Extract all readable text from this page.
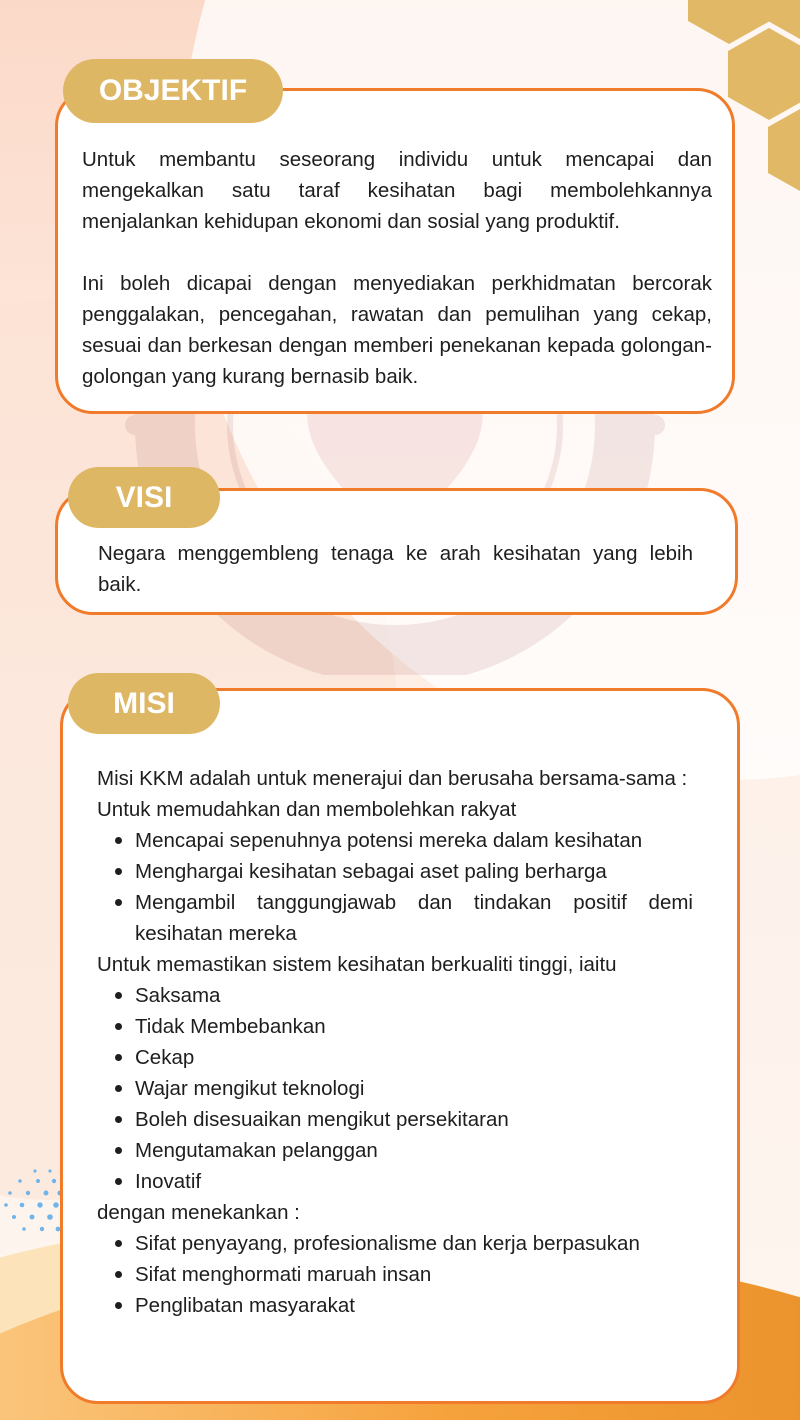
Untuk membantu seseorang individu untuk mencapai dan mengekalkan satu taraf kesihatan bagi membolehkannya menjalankan kehidupan ekonomi dan sosial yang produktif.

Ini boleh dicapai dengan menyediakan perkhidmatan bercorak penggalakan, pencegahan, rawatan dan pemulihan yang cekap, sesuai dan berkesan dengan memberi penekanan kepada golongan-golongan yang kurang bernasib baik.

OBJEKTIF

Negara menggembleng tenaga ke arah kesihatan yang lebih baik.

VISI

Misi KKM adalah untuk menerajui dan berusaha bersama-sama :

Untuk memudahkan dan membolehkan rakyat

Mencapai sepenuhnya potensi mereka dalam kesihatan
Menghargai kesihatan sebagai aset paling berharga
Mengambil tanggungjawab dan tindakan positif demi kesihatan mereka

Untuk memastikan sistem kesihatan berkualiti tinggi, iaitu

Saksama
Tidak Membebankan
Cekap
Wajar mengikut teknologi
Boleh disesuaikan mengikut persekitaran
Mengutamakan pelanggan
Inovatif

dengan menekankan :

Sifat penyayang, profesionalisme dan kerja berpasukan
Sifat menghormati maruah insan
Penglibatan masyarakat
MISI
